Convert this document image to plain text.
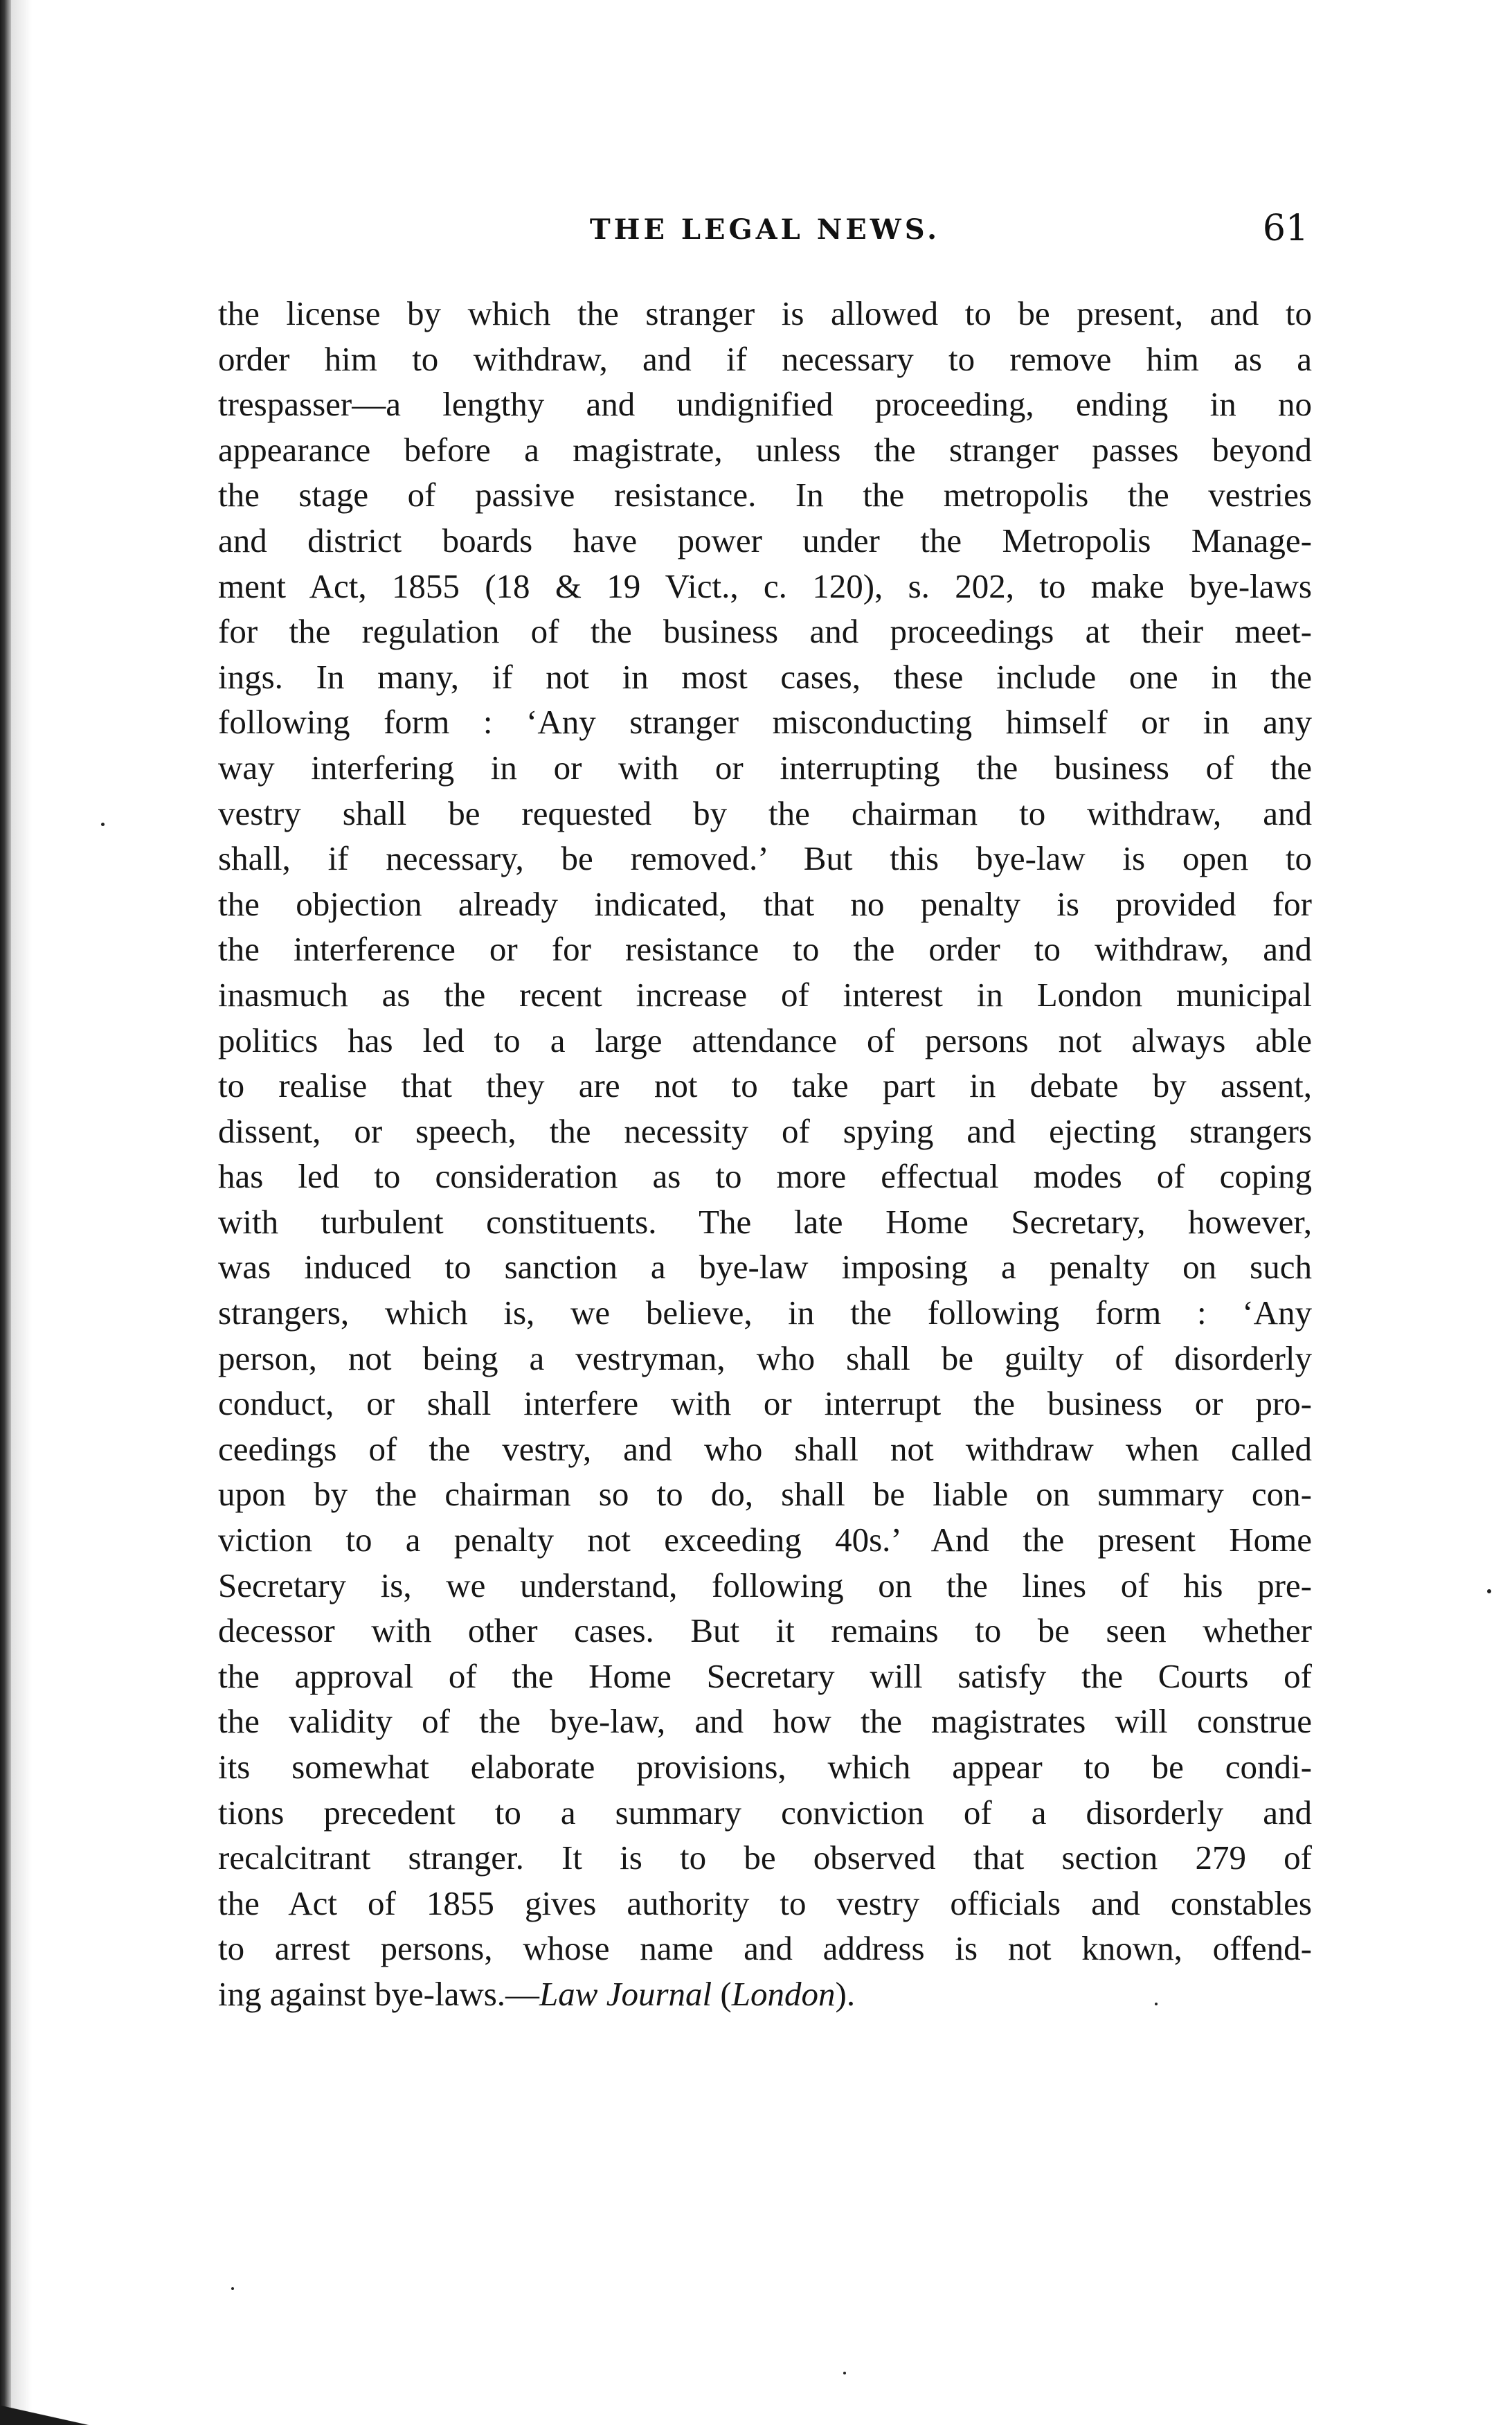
THE LEGAL NEWS.	61
the license by which the stranger is allowed to be present, and to
order him to withdraw, and if necessary to remove him as a
trespasser—a lengthy and undignified proceeding, ending in no
appearance before a magistrate, unless the stranger passes beyond
the stage of passive resistance. In the metropolis the vestries
and district boards have power under the Metropolis Manage-
ment Act, 1855 (18 & 19 Vict., c. 120), s. 202, to make bye-laws
for the regulation of the business and proceedings at their meet-
ings. In many, if not in most cases, these include one in the
following form : ‘Any stranger misconducting himself or in any
way interfering in or with or interrupting the business of the
vestry shall be requested by the chairman to withdraw, and
shall, if necessary, be removed.’ But this bye-law is open to
the objection already indicated, that no penalty is provided for
the interference or for resistance to the order to withdraw, and
inasmuch as the recent increase of interest in London municipal
politics has led to a large attendance of persons not always able
to realise that they are not to take part in debate by assent,
dissent, or speech, the necessity of spying and ejecting strangers
has led to consideration as to more effectual modes of coping
with turbulent constituents. The late Home Secretary, however,
was induced to sanction a bye-law imposing a penalty on such
strangers, which is, we believe, in the following form : ‘Any
person, not being a vestryman, who shall be guilty of disorderly
conduct, or shall interfere with or interrupt the business or pro-
ceedings of the vestry, and who shall not withdraw when called
upon by the chairman so to do, shall be liable on summary con-
viction to a penalty not exceeding 40s.’ And the present Home
Secretary is, we understand, following on the lines of his pre-
decessor with other cases. But it remains to be seen whether
the approval of the Home Secretary will satisfy the Courts of
the validity of the bye-law, and how the magistrates will construe
its somewhat elaborate provisions, which appear to be condi-
tions precedent to a summary conviction of a disorderly and
recalcitrant stranger. It is to be observed that section 279 of
the Act of 1855 gives authority to vestry officials and constables
to arrest persons, whose name and address is not known, offend-
ing against bye-laws.—Law Journal (London).
